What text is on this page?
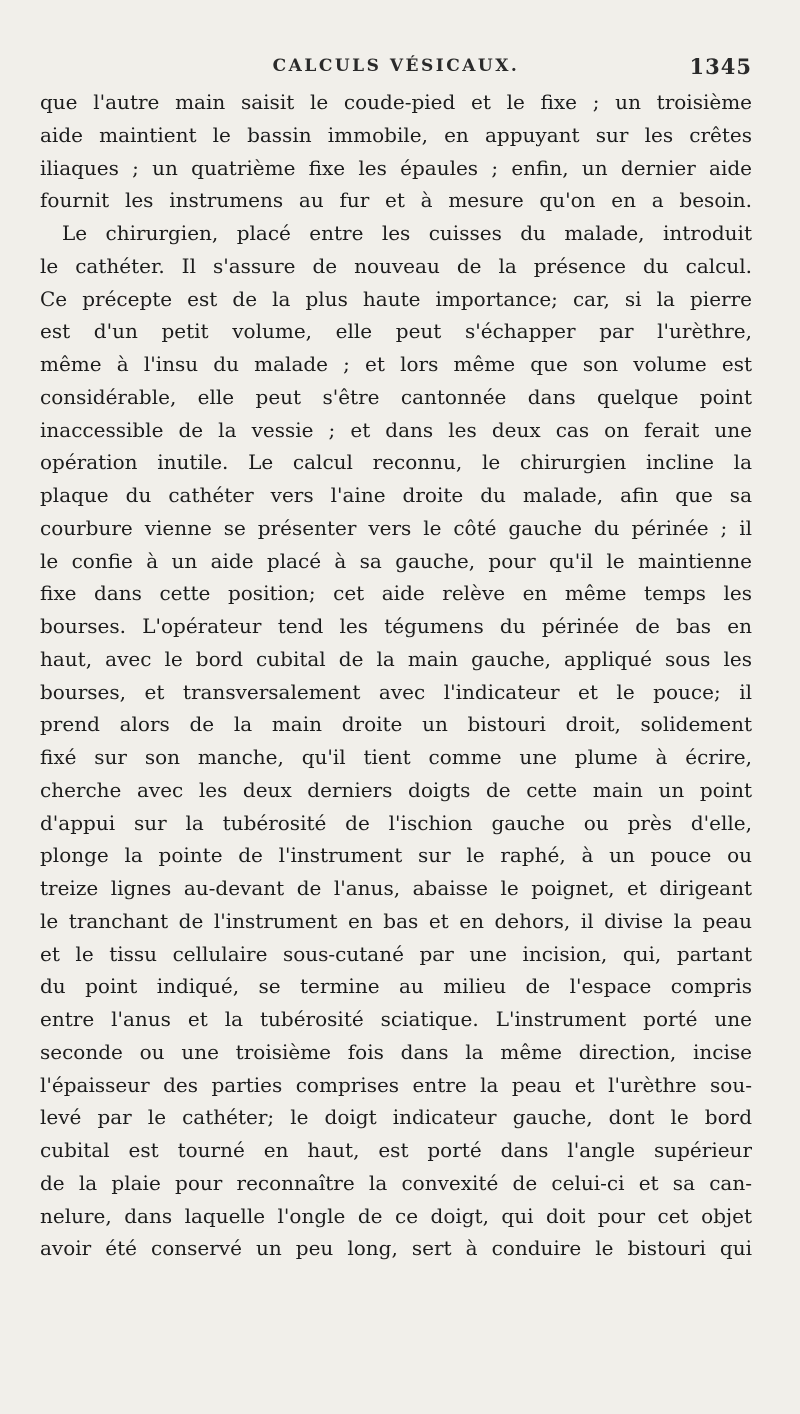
CALCULS VÉSICAUX.	1345
que l'autre main saisit le coude-pied et le fixe ; un troisième
aide maintient le bassin immobile, en appuyant sur les crêtes
iliaques ; un quatrième fixe les épaules ; enfin, un dernier aide
fournit les instrumens au fur et à mesure qu'on en a besoin.
Le chirurgien, placé entre les cuisses du malade, introduit
le cathéter. Il s'assure de nouveau de la présence du calcul.
Ce précepte est de la plus haute importance; car, si la pierre
est d'un petit volume, elle peut s'échapper par l'urèthre,
même à l'insu du malade ; et lors même que son volume est
considérable, elle peut s'être cantonnée dans quelque point
inaccessible de la vessie ; et dans les deux cas on ferait une
opération inutile. Le calcul reconnu, le chirurgien incline la
plaque du cathéter vers l'aine droite du malade, afin que sa
courbure vienne se présenter vers le côté gauche du périnée ; il
le confie à un aide placé à sa gauche, pour qu'il le maintienne
fixe dans cette position; cet aide relève en même temps les
bourses. L'opérateur tend les tégumens du périnée de bas en
haut, avec le bord cubital de la main gauche, appliqué sous les
bourses, et transversalement avec l'indicateur et le pouce; il
prend alors de la main droite un bistouri droit, solidement
fixé sur son manche, qu'il tient comme une plume à écrire,
cherche avec les deux derniers doigts de cette main un point
d'appui sur la tubérosité de l'ischion gauche ou près d'elle,
plonge la pointe de l'instrument sur le raphé, à un pouce ou
treize lignes au-devant de l'anus, abaisse le poignet, et dirigeant
le tranchant de l'instrument en bas et en dehors, il divise la peau
et le tissu cellulaire sous-cutané par une incision, qui, partant
du point indiqué, se termine au milieu de l'espace compris
entre l'anus et la tubérosité sciatique. L'instrument porté une
seconde ou une troisième fois dans la même direction, incise
l'épaisseur des parties comprises entre la peau et l'urèthre sou-
levé par le cathéter; le doigt indicateur gauche, dont le bord
cubital est tourné en haut, est porté dans l'angle supérieur
de la plaie pour reconnaître la convexité de celui-ci et sa can-
nelure, dans laquelle l'ongle de ce doigt, qui doit pour cet objet
avoir été conservé un peu long, sert à conduire le bistouri qui
